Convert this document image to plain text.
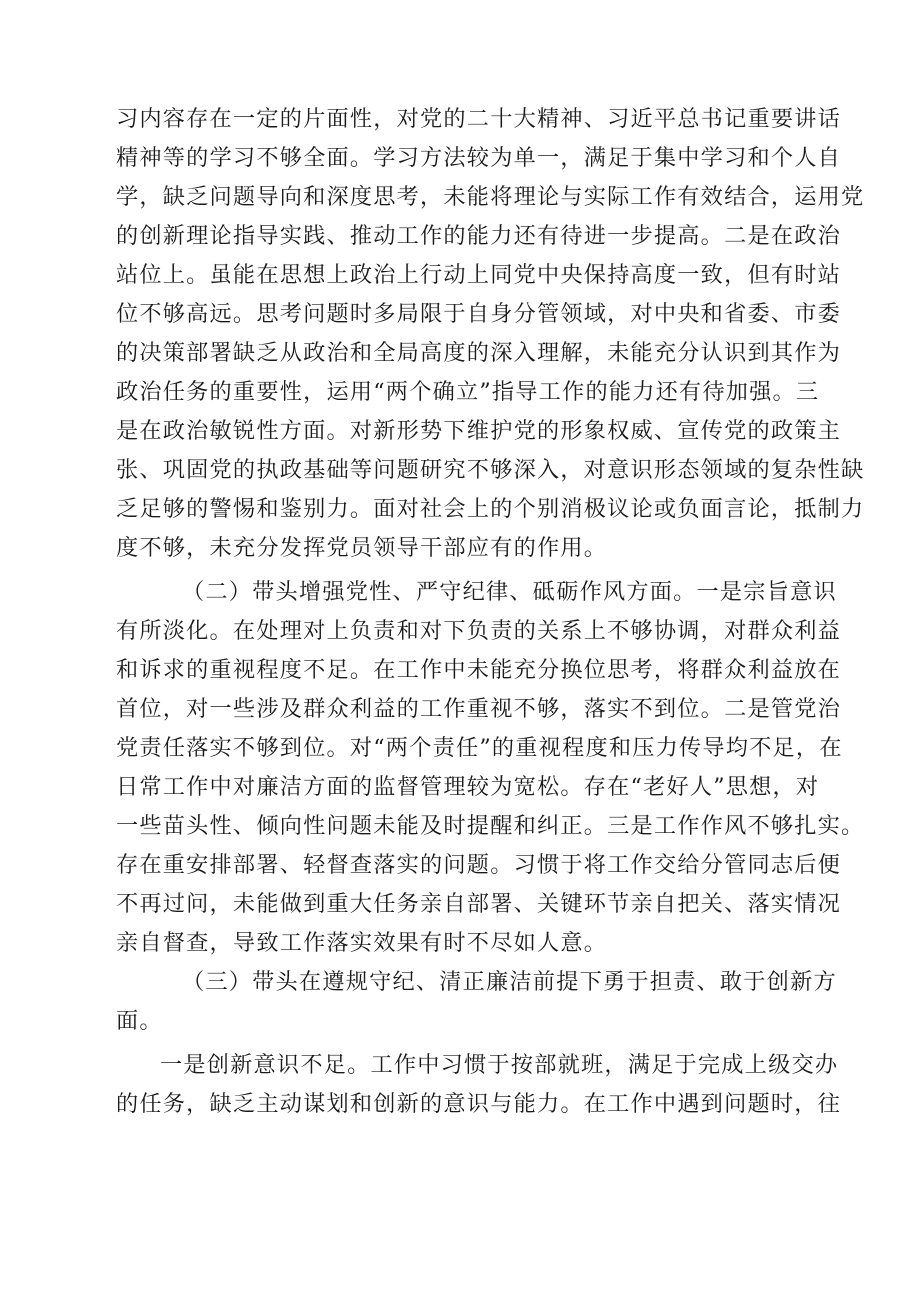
习内容存在一定的片面性，对党的二十大精神、习近平总书记重要讲话
精神等的学习不够全面。学习方法较为单一，满足于集中学习和个人自
学，缺乏问题导向和深度思考，未能将理论与实际工作有效结合，运用党
的创新理论指导实践、推动工作的能力还有待进一步提高。二是在政治
站位上。虽能在思想上政治上行动上同党中央保持高度一致，但有时站
位不够高远。思考问题时多局限于自身分管领域，对中央和省委、市委
的决策部署缺乏从政治和全局高度的深入理解，未能充分认识到其作为
政治任务的重要性，运用“两个确立”指导工作的能力还有待加强。三
是在政治敏锐性方面。对新形势下维护党的形象权威、宣传党的政策主
张、巩固党的执政基础等问题研究不够深入，对意识形态领域的复杂性缺
乏足够的警惕和鉴别力。面对社会上的个别消极议论或负面言论，抵制力
度不够，未充分发挥党员领导干部应有的作用。
（二）带头增强党性、严守纪律、砥砺作风方面。一是宗旨意识
有所淡化。在处理对上负责和对下负责的关系上不够协调，对群众利益
和诉求的重视程度不足。在工作中未能充分换位思考，将群众利益放在
首位，对一些涉及群众利益的工作重视不够，落实不到位。二是管党治
党责任落实不够到位。对“两个责任”的重视程度和压力传导均不足，在
日常工作中对廉洁方面的监督管理较为宽松。存在“老好人”思想，对
一些苗头性、倾向性问题未能及时提醒和纠正。三是工作作风不够扎实。
存在重安排部署、轻督查落实的问题。习惯于将工作交给分管同志后便
不再过问，未能做到重大任务亲自部署、关键环节亲自把关、落实情况
亲自督查，导致工作落实效果有时不尽如人意。
（三）带头在遵规守纪、清正廉洁前提下勇于担责、敢于创新方
面。
一是创新意识不足。工作中习惯于按部就班，满足于完成上级交办
的任务，缺乏主动谋划和创新的意识与能力。在工作中遇到问题时，往
